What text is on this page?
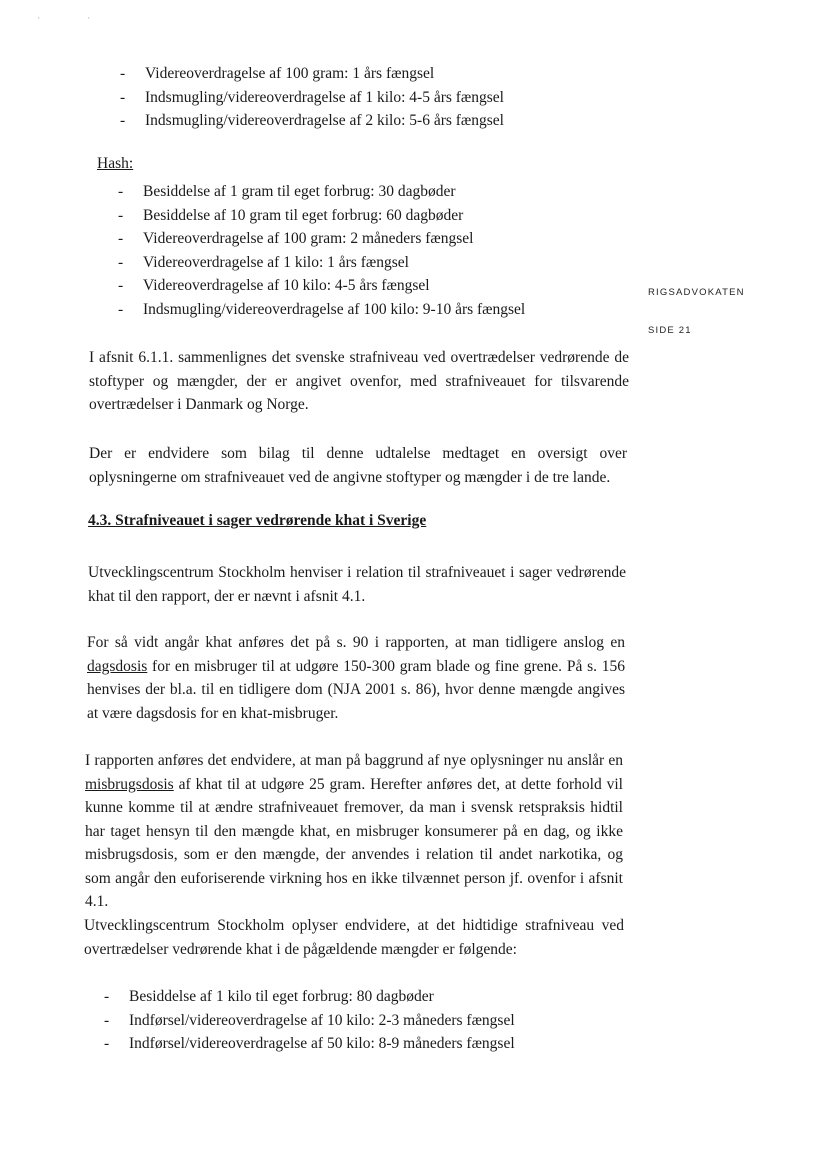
'	'
RIGSADVOKATEN
SIDE 21
- Videreoverdragelse af 100 gram: 1 års fængsel
- Indsmugling/videreoverdragelse af 1 kilo: 4-5 års fængsel
- Indsmugling/videreoverdragelse af 2 kilo: 5-6 års fængsel
Hash:
- Besiddelse af 1 gram til eget forbrug: 30 dagbøder
- Besiddelse af 10 gram til eget forbrug: 60 dagbøder
- Videreoverdragelse af 100 gram: 2 måneders fængsel
- Videreoverdragelse af 1 kilo: 1 års fængsel
- Videreoverdragelse af 10 kilo: 4-5 års fængsel
- Indsmugling/videreoverdragelse af 100 kilo: 9-10 års fængsel

I afsnit 6.1.1. sammenlignes det svenske strafniveau ved overtrædelser vedrørende de stoftyper og mængder, der er angivet ovenfor, med strafniveauet for tilsvarende overtrædelser i Danmark og Norge.

Der er endvidere som bilag til denne udtalelse medtaget en oversigt over oplysningerne om strafniveauet ved de angivne stoftyper og mængder i de tre lande.

4.3. Strafniveauet i sager vedrørende khat i Sverige

Utvecklingscentrum Stockholm henviser i relation til strafniveauet i sager vedrørende khat til den rapport, der er nævnt i afsnit 4.1.

For så vidt angår khat anføres det på s. 90 i rapporten, at man tidligere anslog en dagsdosis for en misbruger til at udgøre 150-300 gram blade og fine grene. På s. 156 henvises der bl.a. til en tidligere dom (NJA 2001 s. 86), hvor denne mængde angives at være dagsdosis for en khat-misbruger.

I rapporten anføres det endvidere, at man på baggrund af nye oplysninger nu anslår en misbrugsdosis af khat til at udgøre 25 gram. Herefter anføres det, at dette forhold vil kunne komme til at ændre strafniveauet fremover, da man i svensk retspraksis hidtil har taget hensyn til den mængde khat, en misbruger konsumerer på en dag, og ikke misbrugsdosis, som er den mængde, der anvendes i relation til andet narkotika, og som angår den euforiserende virkning hos en ikke tilvænnet person jf. ovenfor i afsnit 4.1.

Utvecklingscentrum Stockholm oplyser endvidere, at det hidtidige strafniveau ved overtrædelser vedrørende khat i de pågældende mængder er følgende:

- Besiddelse af 1 kilo til eget forbrug: 80 dagbøder
- Indførsel/videreoverdragelse af 10 kilo: 2-3 måneders fængsel
- Indførsel/videreoverdragelse af 50 kilo: 8-9 måneders fængsel
